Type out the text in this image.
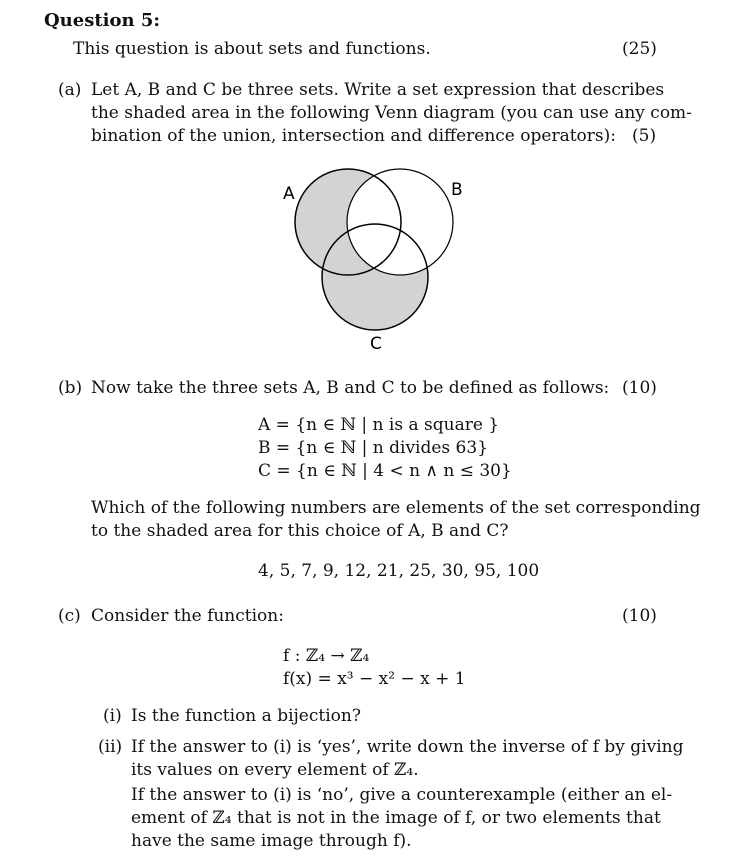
Question 5:
This question is about sets and functions.	(25)
(a) Let A, B and C be three sets. Write a set expression that describes
the shaded area in the following Venn diagram (you can use any com-
bination of the union, intersection and difference operators): (5)
A	B
C
(b) Now take the three sets A, B and C to be defined as follows: (10)
A = {n ∈ ℕ | n is a square }
B = {n ∈ ℕ | n divides 63}
C = {n ∈ ℕ | 4 < n ∧ n ≤ 30}
Which of the following numbers are elements of the set corresponding
to the shaded area for this choice of A, B and C?
4, 5, 7, 9, 12, 21, 25, 30, 95, 100
(c) Consider the function:	(10)
f : ℤ₄ → ℤ₄
f(x) = x³ − x² − x + 1
(i) Is the function a bijection?
(ii) If the answer to (i) is ‘yes’, write down the inverse of f by giving
its values on every element of ℤ₄.
If the answer to (i) is ‘no’, give a counterexample (either an el-
ement of ℤ₄ that is not in the image of f, or two elements that
have the same image through f).
